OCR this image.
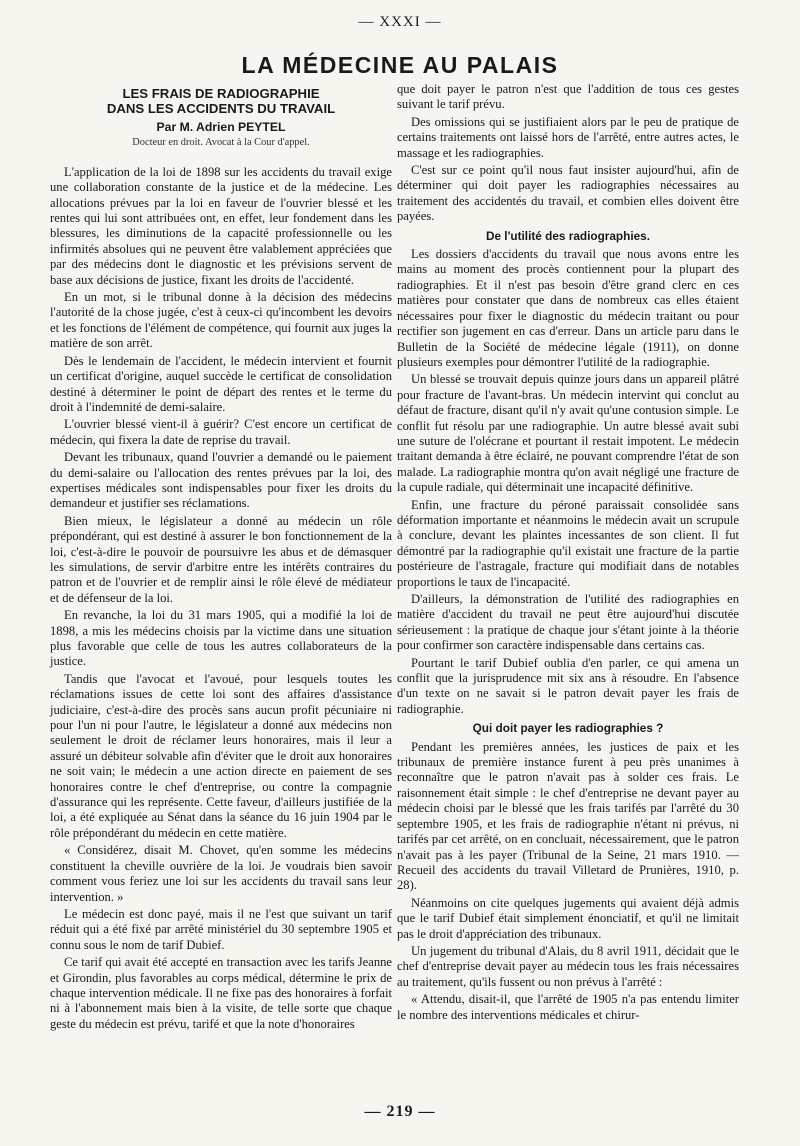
— XXXI —
LA MÉDECINE AU PALAIS
LES FRAIS DE RADIOGRAPHIE
DANS LES ACCIDENTS DU TRAVAIL
Par M. Adrien PEYTEL
Docteur en droit. Avocat à la Cour d'appel.

L'application de la loi de 1898 sur les accidents du travail exige une collaboration constante de la justice et de la médecine. Les allocations prévues par la loi en faveur de l'ouvrier blessé et les rentes qui lui sont attribuées ont, en effet, leur fondement dans les blessures, les diminutions de la capacité professionnelle ou les infirmités absolues qui ne peuvent être valablement appréciées que par des médecins dont le diagnostic et les prévisions servent de base aux décisions de justice, fixant les droits de l'accidenté.

En un mot, si le tribunal donne à la décision des médecins l'autorité de la chose jugée, c'est à ceux-ci qu'incombent les devoirs et les fonctions de l'élément de compétence, qui fournit aux juges la matière de son arrêt.

Dès le lendemain de l'accident, le médecin intervient et fournit un certificat d'origine, auquel succède le certificat de consolidation destiné à déterminer le point de départ des rentes et le terme du droit à l'indemnité de demi-salaire.

L'ouvrier blessé vient-il à guérir? C'est encore un certificat de médecin, qui fixera la date de reprise du travail.

Devant les tribunaux, quand l'ouvrier a demandé ou le paiement du demi-salaire ou l'allocation des rentes prévues par la loi, des expertises médicales sont indispensables pour fixer les droits du demandeur et justifier ses réclamations.

Bien mieux, le législateur a donné au médecin un rôle prépondérant, qui est destiné à assurer le bon fonctionnement de la loi, c'est-à-dire le pouvoir de poursuivre les abus et de démasquer les simulations, de servir d'arbitre entre les intérêts contraires du patron et de l'ouvrier et de remplir ainsi le rôle élevé de médiateur et de défenseur de la loi.

En revanche, la loi du 31 mars 1905, qui a modifié la loi de 1898, a mis les médecins choisis par la victime dans une situation plus favorable que celle de tous les autres collaborateurs de la justice.

Tandis que l'avocat et l'avoué, pour lesquels toutes les réclamations issues de cette loi sont des affaires d'assistance judiciaire, c'est-à-dire des procès sans aucun profit pécuniaire ni pour l'un ni pour l'autre, le législateur a donné aux médecins non seulement le droit de réclamer leurs honoraires, mais il leur a assuré un débiteur solvable afin d'éviter que le droit aux honoraires ne soit vain; le médecin a une action directe en paiement de ses honoraires contre le chef d'entreprise, ou contre la compagnie d'assurance qui les représente. Cette faveur, d'ailleurs justifiée de la loi, a été expliquée au Sénat dans la séance du 16 juin 1904 par le rôle prépondérant du médecin en cette matière.

« Considérez, disait M. Chovet, qu'en somme les médecins constituent la cheville ouvrière de la loi. Je voudrais bien savoir comment vous feriez une loi sur les accidents du travail sans leur intervention. »

Le médecin est donc payé, mais il ne l'est que suivant un tarif réduit qui a été fixé par arrêté ministériel du 30 septembre 1905 et connu sous le nom de tarif Dubief.

Ce tarif qui avait été accepté en transaction avec les tarifs Jeanne et Girondin, plus favorables au corps médical, détermine le prix de chaque intervention médicale. Il ne fixe pas des honoraires à forfait ni à l'abonnement mais bien à la visite, de telle sorte que chaque geste du médecin est prévu, tarifé et que la note d'honoraires

que doit payer le patron n'est que l'addition de tous ces gestes suivant le tarif prévu.

Des omissions qui se justifiaient alors par le peu de pratique de certains traitements ont laissé hors de l'arrêté, entre autres actes, le massage et les radiographies.

C'est sur ce point qu'il nous faut insister aujourd'hui, afin de déterminer qui doit payer les radiographies nécessaires au traitement des accidentés du travail, et combien elles doivent être payées.

De l'utilité des radiographies.

Les dossiers d'accidents du travail que nous avons entre les mains au moment des procès contiennent pour la plupart des radiographies. Et il n'est pas besoin d'être grand clerc en ces matières pour constater que dans de nombreux cas elles étaient nécessaires pour fixer le diagnostic du médecin traitant ou pour rectifier son jugement en cas d'erreur. Dans un article paru dans le Bulletin de la Société de médecine légale (1911), on donne plusieurs exemples pour démontrer l'utilité de la radiographie.

Un blessé se trouvait depuis quinze jours dans un appareil plâtré pour fracture de l'avant-bras. Un médecin intervint qui conclut au défaut de fracture, disant qu'il n'y avait qu'une contusion simple. Le conflit fut résolu par une radiographie. Un autre blessé avait subi une suture de l'olécrane et pourtant il restait impotent. Le médecin traitant demanda à être éclairé, ne pouvant comprendre l'état de son malade. La radiographie montra qu'on avait négligé une fracture de la cupule radiale, qui déterminait une incapacité définitive.

Enfin, une fracture du péroné paraissait consolidée sans déformation importante et néanmoins le médecin avait un scrupule à conclure, devant les plaintes incessantes de son client. Il fut démontré par la radiographie qu'il existait une fracture de la partie postérieure de l'astragale, fracture qui modifiait dans de notables proportions le taux de l'incapacité.

D'ailleurs, la démonstration de l'utilité des radiographies en matière d'accident du travail ne peut être aujourd'hui discutée sérieusement : la pratique de chaque jour s'étant jointe à la théorie pour confirmer son caractère indispensable dans certains cas.

Pourtant le tarif Dubief oublia d'en parler, ce qui amena un conflit que la jurisprudence mit six ans à résoudre. En l'absence d'un texte on ne savait si le patron devait payer les frais de radiographie.

Qui doit payer les radiographies ?

Pendant les premières années, les justices de paix et les tribunaux de première instance furent à peu près unanimes à reconnaître que le patron n'avait pas à solder ces frais. Le raisonnement était simple : le chef d'entreprise ne devant payer au médecin choisi par le blessé que les frais tarifés par l'arrêté du 30 septembre 1905, et les frais de radiographie n'étant ni prévus, ni tarifés par cet arrêté, on en concluait, nécessairement, que le patron n'avait pas à les payer (Tribunal de la Seine, 21 mars 1910. — Recueil des accidents du travail Villetard de Prunières, 1910, p. 28).

Néanmoins on cite quelques jugements qui avaient déjà admis que le tarif Dubief était simplement énonciatif, et qu'il ne limitait pas le droit d'appréciation des tribunaux.

Un jugement du tribunal d'Alais, du 8 avril 1911, décidait que le chef d'entreprise devait payer au médecin tous les frais nécessaires au traitement, qu'ils fussent ou non prévus à l'arrêté :

« Attendu, disait-il, que l'arrêté de 1905 n'a pas entendu limiter le nombre des interventions médicales et chirur-

— 219 —
